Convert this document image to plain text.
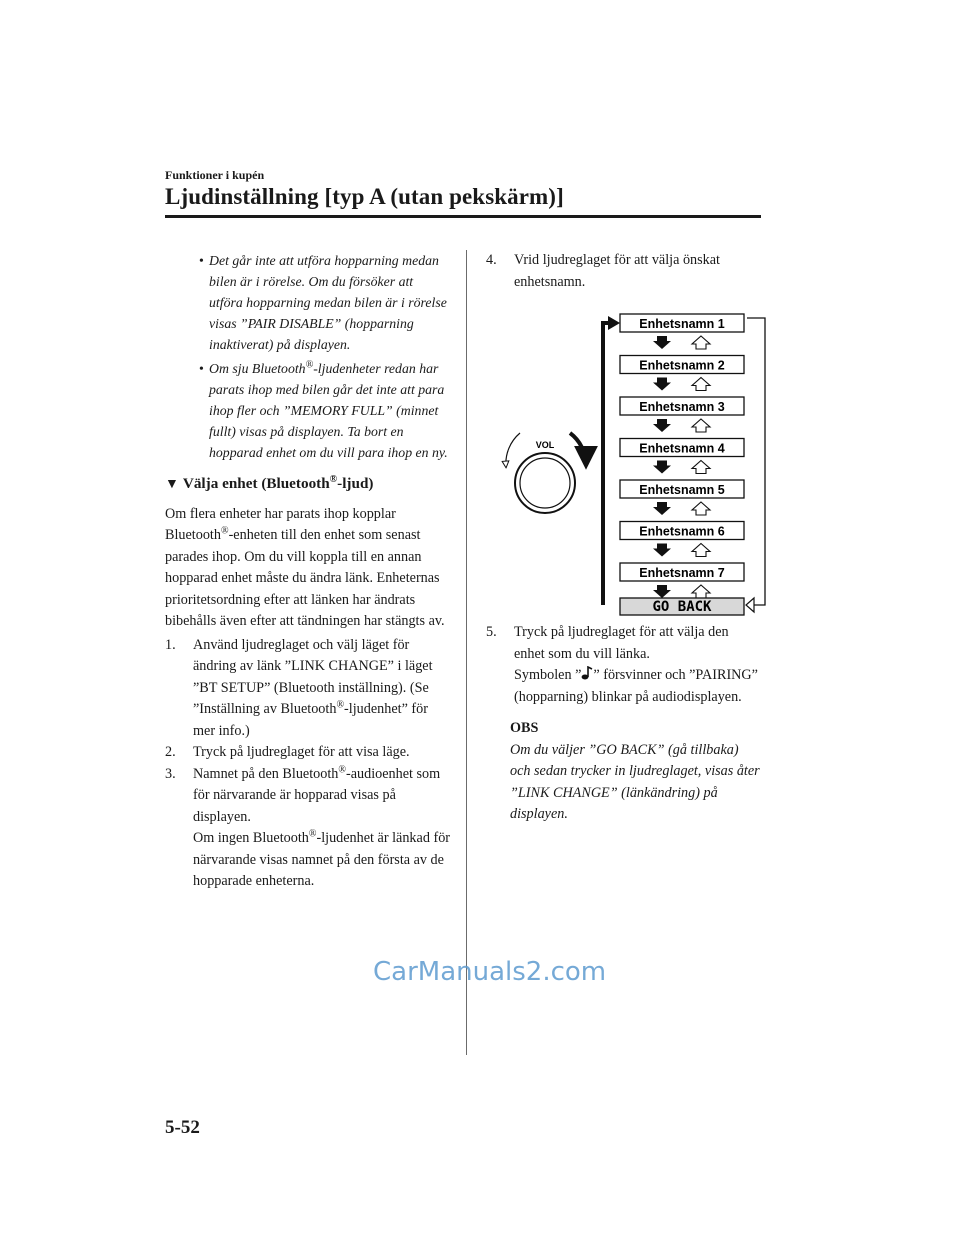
Funktioner i kupén
Ljudinställning [typ A (utan pekskärm)]
• Det går inte att utföra hopparning medan bilen är i rörelse. Om du försöker att utföra hopparning medan bilen är i rörelse visas ”PAIR DISABLE” (hopparning inaktiverat) på displayen.
• Om sju Bluetooth®-ljudenheter redan har parats ihop med bilen går det inte att para ihop fler och ”MEMORY FULL” (minnet fullt) visas på displayen. Ta bort en hopparad enhet om du vill para ihop en ny.
▼ Välja enhet (Bluetooth®-ljud)

Om flera enheter har parats ihop kopplar Bluetooth®-enheten till den enhet som senast parades ihop. Om du vill koppla till en annan hopparad enhet måste du ändra länk. Enheternas prioritetsordning efter att länken har ändrats bibehålls även efter att tändningen har stängts av.

1. Använd ljudreglaget och välj läget för ändring av länk ”LINK CHANGE” i läget ”BT SETUP” (Bluetooth inställning). (Se ”Inställning av Bluetooth®-ljudenhet” för mer info.)
2. Tryck på ljudreglaget för att visa läge.
3. Namnet på den Bluetooth®-audioenhet som för närvarande är hopparad visas på displayen.
Om ingen Bluetooth®-ljudenhet är länkad för närvarande visas namnet på den första av de hopparade enheterna.
4. Vrid ljudreglaget för att välja önskat enhetsnamn.
VOL
Enhetsnamn 1
Enhetsnamn 2
Enhetsnamn 3
Enhetsnamn 4
Enhetsnamn 5
Enhetsnamn 6
Enhetsnamn 7
GO BACK
5. Tryck på ljudreglaget för att välja den enhet som du vill länka.
Symbolen ” ” försvinner och ”PAIRING” (hopparning) blinkar på audiodisplayen.
OBS
Om du väljer ”GO BACK” (gå tillbaka) och sedan trycker in ljudreglaget, visas åter ”LINK CHANGE” (länkändring) på displayen.
CarManuals2.com
5-52
